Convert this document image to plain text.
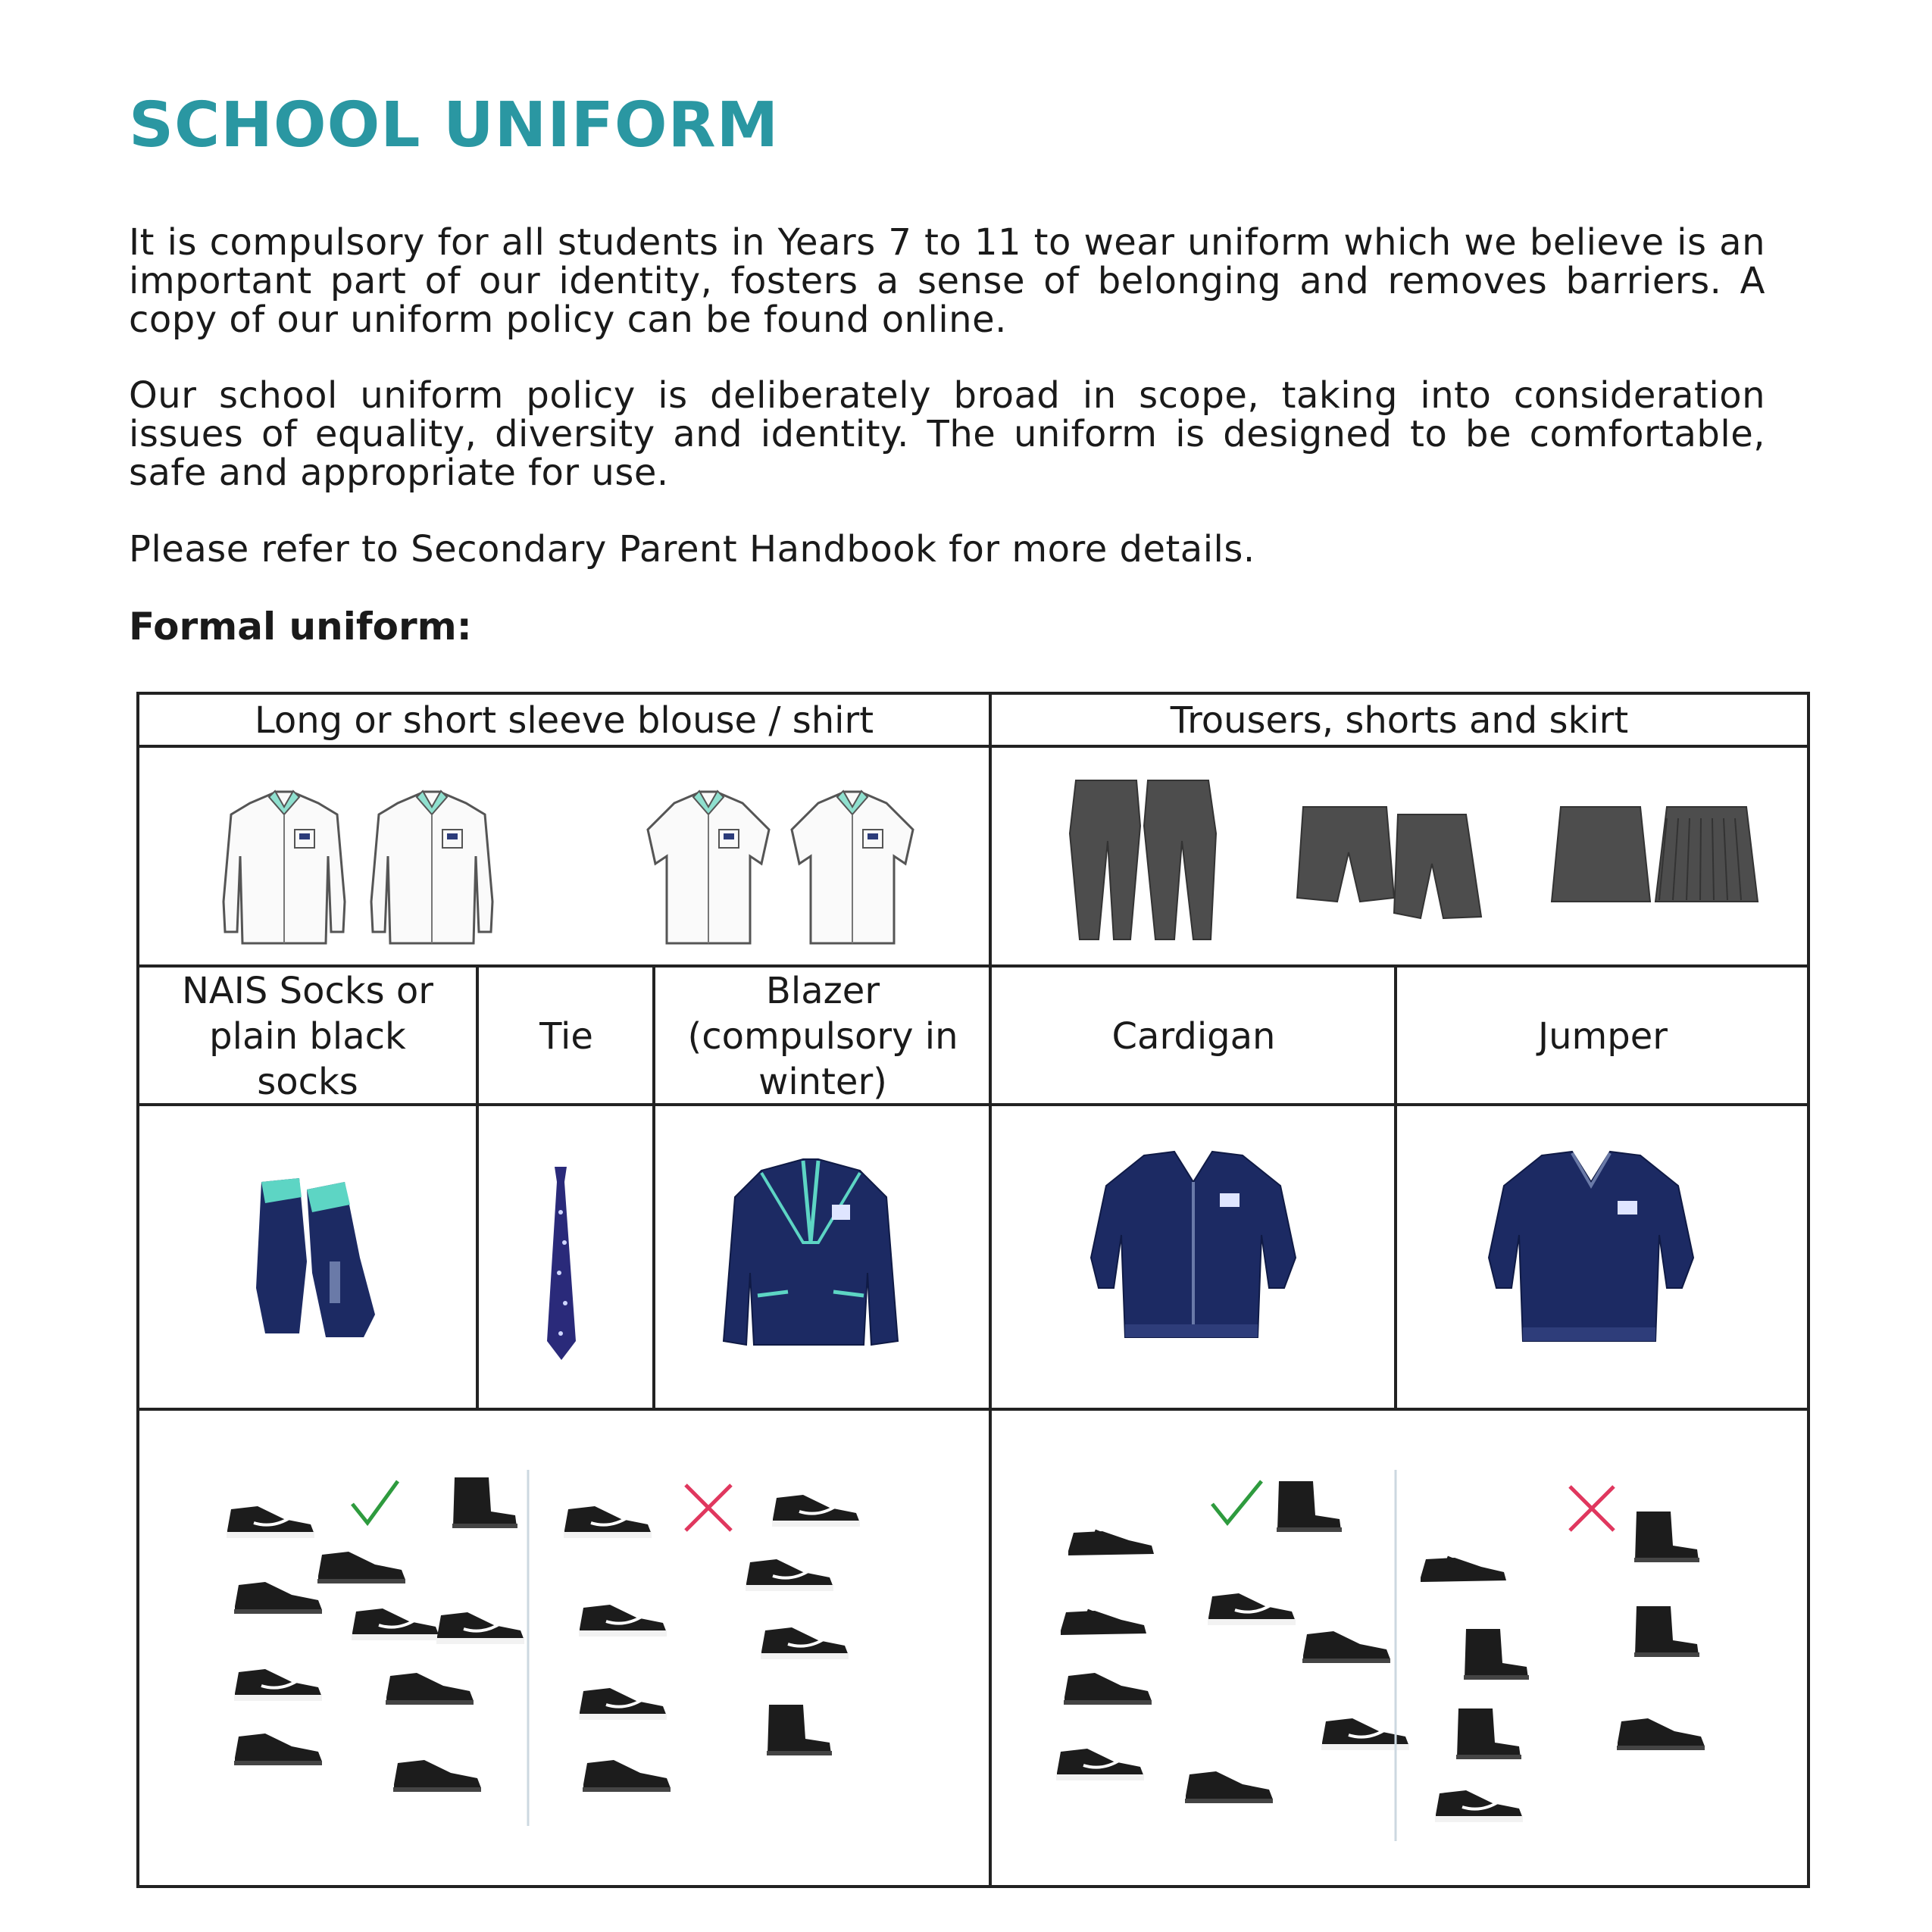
SCHOOL UNIFORM

It is compulsory for all students in Years 7 to 11 to wear uniform which we believe is an important part of our identity, fosters a sense of belonging and removes barriers. A copy of our uniform policy can be found online.

Our school uniform policy is deliberately broad in scope, taking into consideration issues of equality, diversity and identity. The uniform is designed to be comfortable, safe and appropriate for use.

Please refer to Secondary Parent Handbook for more details.

Formal uniform:
Long or short sleeve blouse / shirt	Trousers, shorts and skirt
NAIS Socks or plain black socks
Tie
Blazer (compulsory in winter)
Cardigan	Jumper
